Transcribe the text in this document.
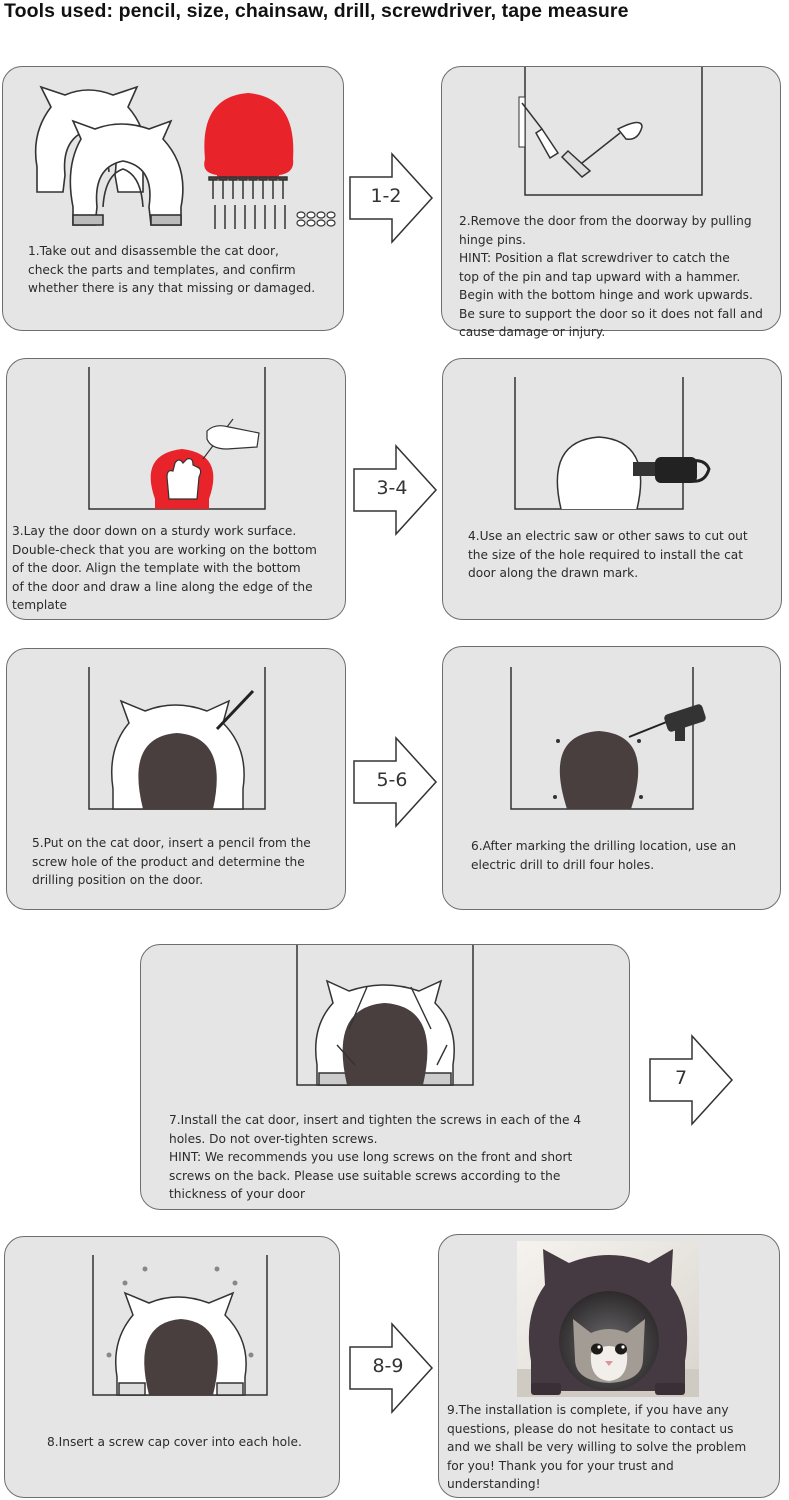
Tools used: pencil, size, chainsaw, drill, screwdriver, tape measure
1.Take out and disassemble the cat door,
check the parts and templates, and confirm
whether there is any that missing or damaged.
1-2
2.Remove the door from the doorway by pulling
hinge pins.
HINT: Position a flat screwdriver to catch the
top of the pin and tap upward with a hammer.
Begin with the bottom hinge and work upwards.
Be sure to support the door so it does not fall and
cause damage or injury.
3.Lay the door down on a sturdy work surface.
Double-check that you are working on the bottom
of the door. Align the template with the bottom
of the door and draw a line along the edge of the
template
3-4
4.Use an electric saw or other saws to cut out
the size of the hole required to install the cat
door along the drawn mark.
5.Put on the cat door, insert a pencil from the
screw hole of the product and determine the
drilling position on the door.
5-6
6.After marking the drilling location, use an
electric drill to drill four holes.
7.Install the cat door, insert and tighten the screws in each of the 4
holes. Do not over-tighten screws.
HINT: We recommends you use long screws on the front and short
screws on the back. Please use suitable screws according to the
thickness of your door
7
8.Insert a screw cap cover into each hole.
8-9
9.The installation is complete, if you have any
questions, please do not hesitate to contact us
and we shall be very willing to solve the problem
for you! Thank you for your trust and
understanding!
